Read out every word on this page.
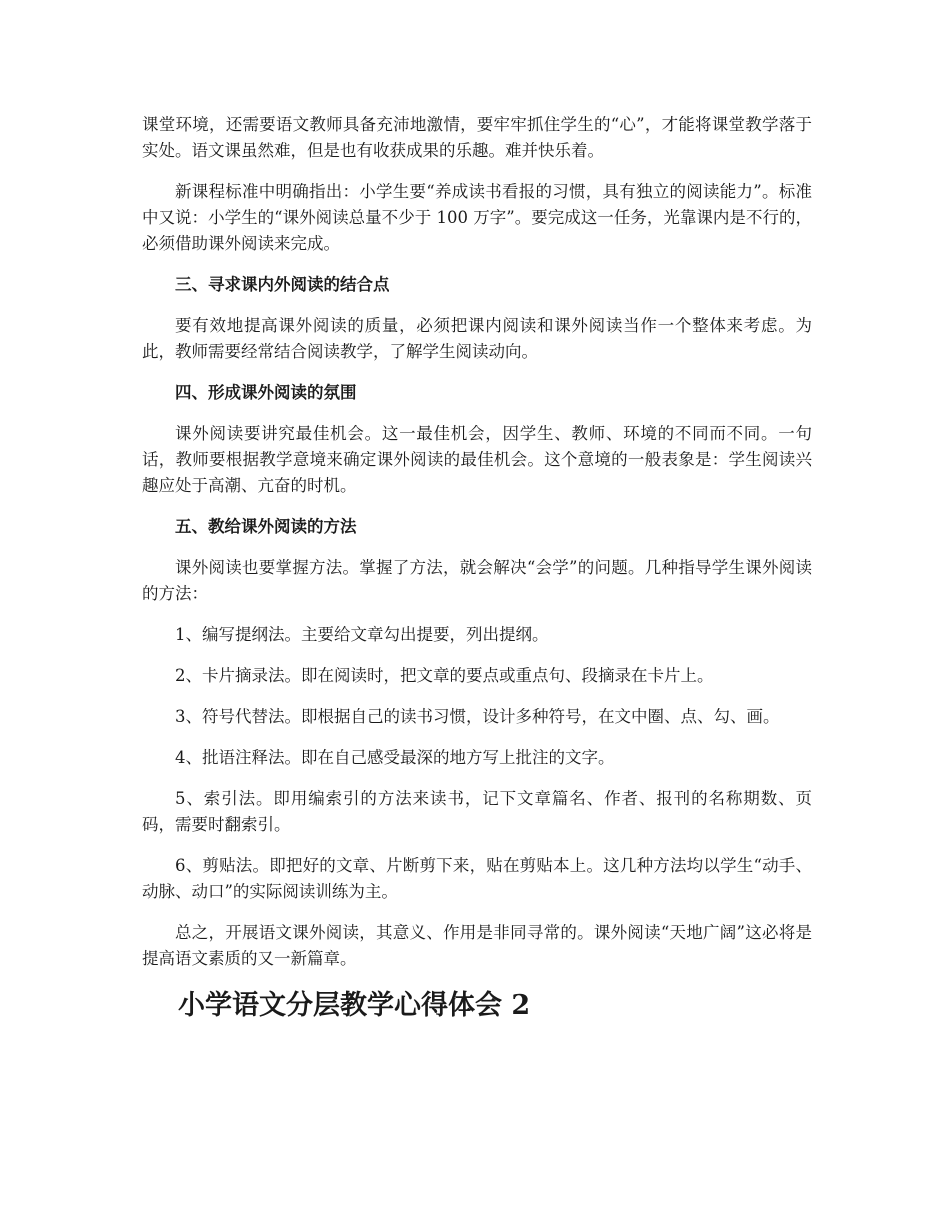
课堂环境，还需要语文教师具备充沛地激情，要牢牢抓住学生的“心”，才能将课堂教学落于实处。语文课虽然难，但是也有收获成果的乐趣。难并快乐着。

新课程标准中明确指出：小学生要“养成读书看报的习惯，具有独立的阅读能力”。标准中又说：小学生的“课外阅读总量不少于 100 万字”。要完成这一任务，光靠课内是不行的，必须借助课外阅读来完成。

三、寻求课内外阅读的结合点

要有效地提高课外阅读的质量，必须把课内阅读和课外阅读当作一个整体来考虑。为此，教师需要经常结合阅读教学，了解学生阅读动向。

四、形成课外阅读的氛围

课外阅读要讲究最佳机会。这一最佳机会，因学生、教师、环境的不同而不同。一句话，教师要根据教学意境来确定课外阅读的最佳机会。这个意境的一般表象是：学生阅读兴趣应处于高潮、亢奋的时机。

五、教给课外阅读的方法

课外阅读也要掌握方法。掌握了方法，就会解决“会学”的问题。几种指导学生课外阅读的方法：

1、编写提纲法。主要给文章勾出提要，列出提纲。

2、卡片摘录法。即在阅读时，把文章的要点或重点句、段摘录在卡片上。

3、符号代替法。即根据自己的读书习惯，设计多种符号，在文中圈、点、勾、画。

4、批语注释法。即在自己感受最深的地方写上批注的文字。

5、索引法。即用编索引的方法来读书，记下文章篇名、作者、报刊的名称期数、页码，需要时翻索引。

6、剪贴法。即把好的文章、片断剪下来，贴在剪贴本上。这几种方法均以学生“动手、动脉、动口”的实际阅读训练为主。

总之，开展语文课外阅读，其意义、作用是非同寻常的。课外阅读“天地广阔”这必将是提高语文素质的又一新篇章。

小学语文分层教学心得体会 2
